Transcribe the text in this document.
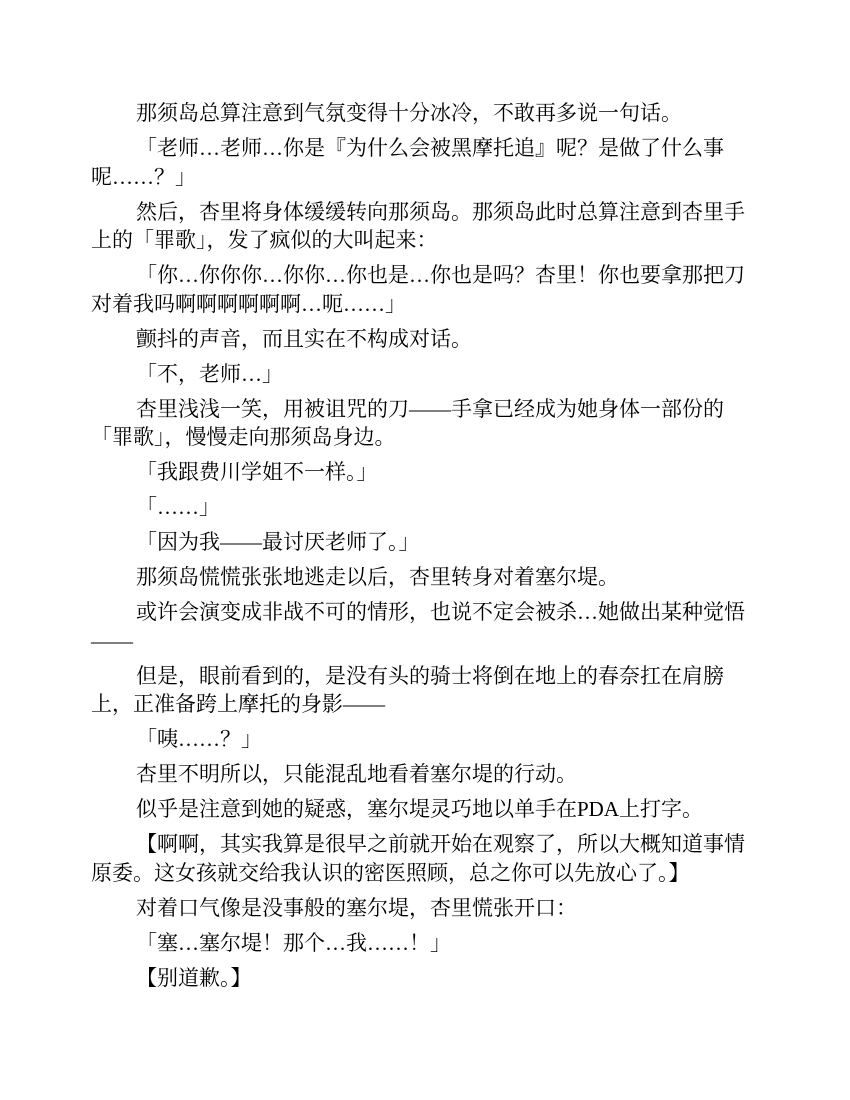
那须岛总算注意到气氛变得十分冰冷，不敢再多说一句话。

「老师…老师…你是『为什么会被黑摩托追』呢？是做了什么事
呢……？」

然后，杏里将身体缓缓转向那须岛。那须岛此时总算注意到杏里手
上的「罪歌」，发了疯似的大叫起来：

「你…你你你…你你…你也是…你也是吗？杏里！你也要拿那把刀
对着我吗啊啊啊啊啊啊…呃……」

颤抖的声音，而且实在不构成对话。

「不，老师…」

杏里浅浅一笑，用被诅咒的刀——手拿已经成为她身体一部份的
「罪歌」，慢慢走向那须岛身边。

「我跟费川学姐不一样。」

「……」

「因为我——最讨厌老师了。」

那须岛慌慌张张地逃走以后，杏里转身对着塞尔堤。

或许会演变成非战不可的情形，也说不定会被杀…她做出某种觉悟
——

但是，眼前看到的，是没有头的骑士将倒在地上的春奈扛在肩膀
上，正准备跨上摩托的身影——

「咦……？」

杏里不明所以，只能混乱地看着塞尔堤的行动。

似乎是注意到她的疑惑，塞尔堤灵巧地以单手在PDA上打字。

【啊啊，其实我算是很早之前就开始在观察了，所以大概知道事情
原委。这女孩就交给我认识的密医照顾，总之你可以先放心了。】

对着口气像是没事般的塞尔堤，杏里慌张开口：

「塞…塞尔堤！那个…我……！」

【别道歉。】
